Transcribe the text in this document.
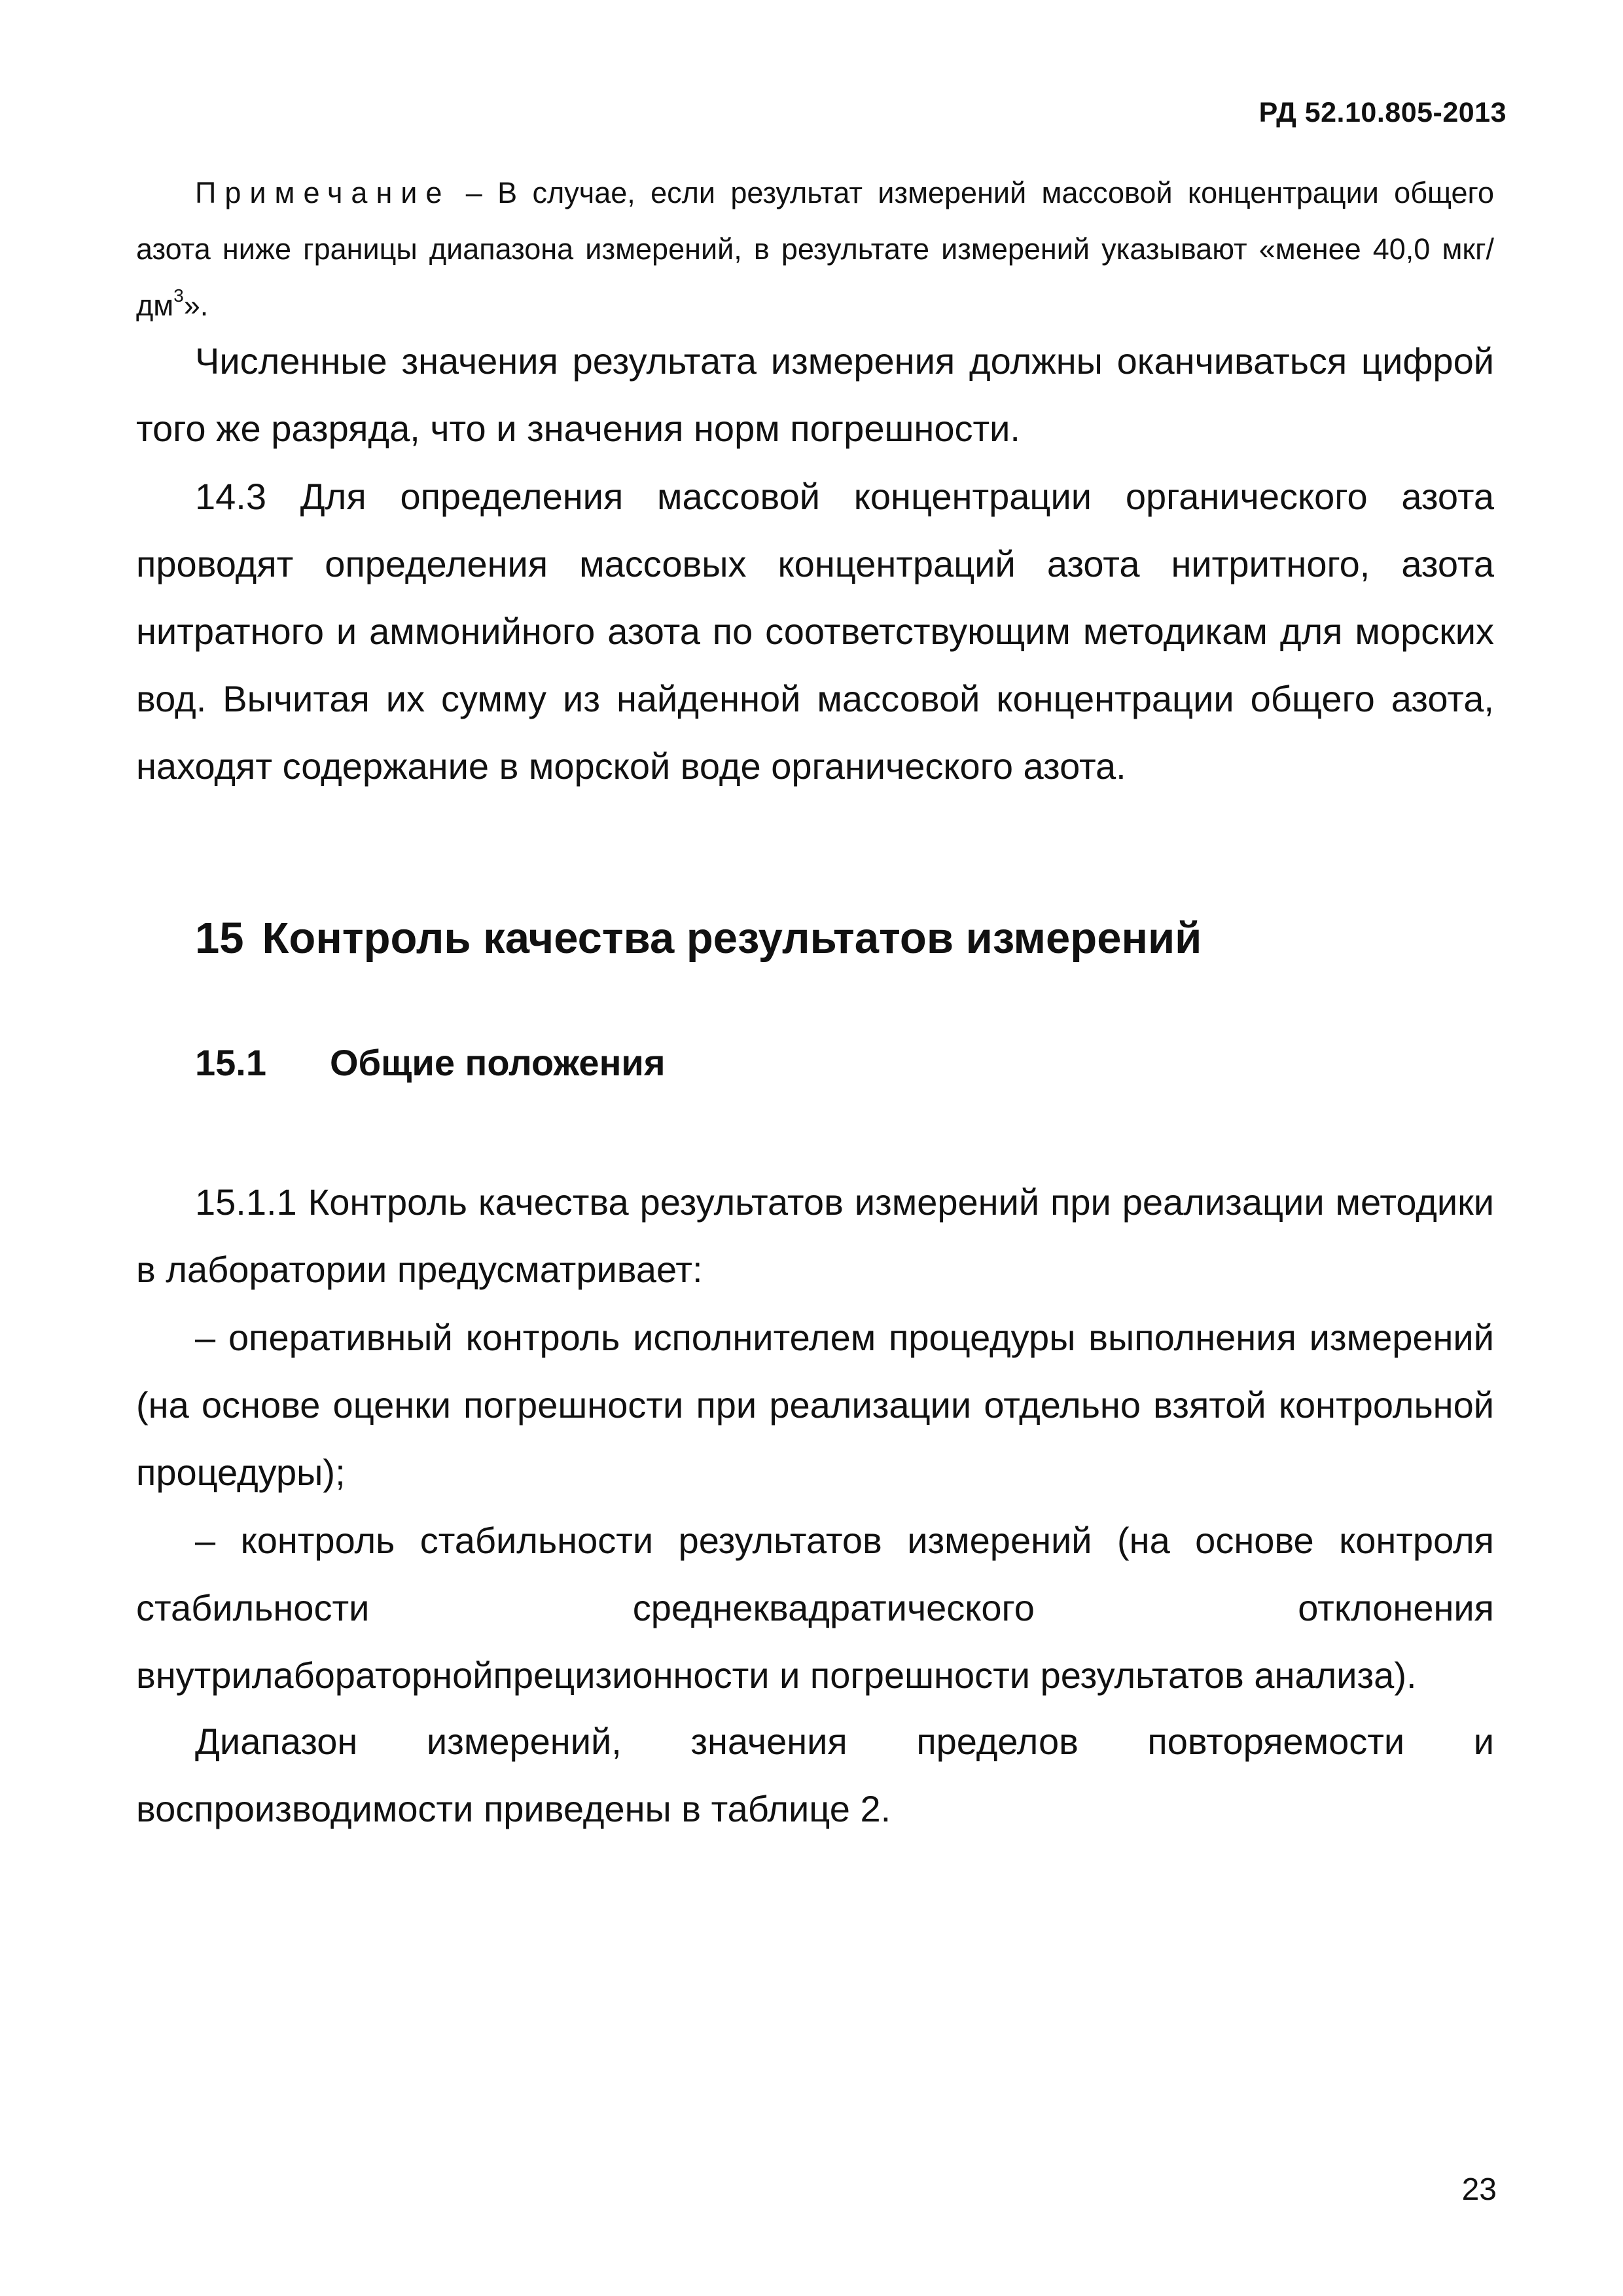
РД 52.10.805-2013
Примечание – В случае, если результат измерений массовой концентрации общего азота ниже границы диапазона измерений, в результате измерений указывают «менее 40,0 мкг/$дм^3$».

Численные значения результата измерения должны оканчиваться цифрой того же разряда, что и значения норм погрешности.

14.3 Для определения массовой концентрации органического азота проводят определения массовых концентраций азота нитритного, азота нитратного и аммонийного азота по соответствующим методикам для морских вод. Вычитая их сумму из найденной массовой концентрации общего азота, находят содержание в морской воде органического азота.

15 Контроль качества результатов измерений
15.1 Общие положения

15.1.1 Контроль качества результатов измерений при реализации методики в лаборатории предусматривает:

– оперативный контроль исполнителем процедуры выполнения измерений (на основе оценки погрешности при реализации отдельно взятой контрольной процедуры);

– контроль стабильности результатов измерений (на основе контроля стабильности среднеквадратического отклонения внутрилабораторнойпрецизионности и погрешности результатов анализа).

Диапазон измерений, значения пределов повторяемости и воспроизводимости приведены в таблице 2.

23
